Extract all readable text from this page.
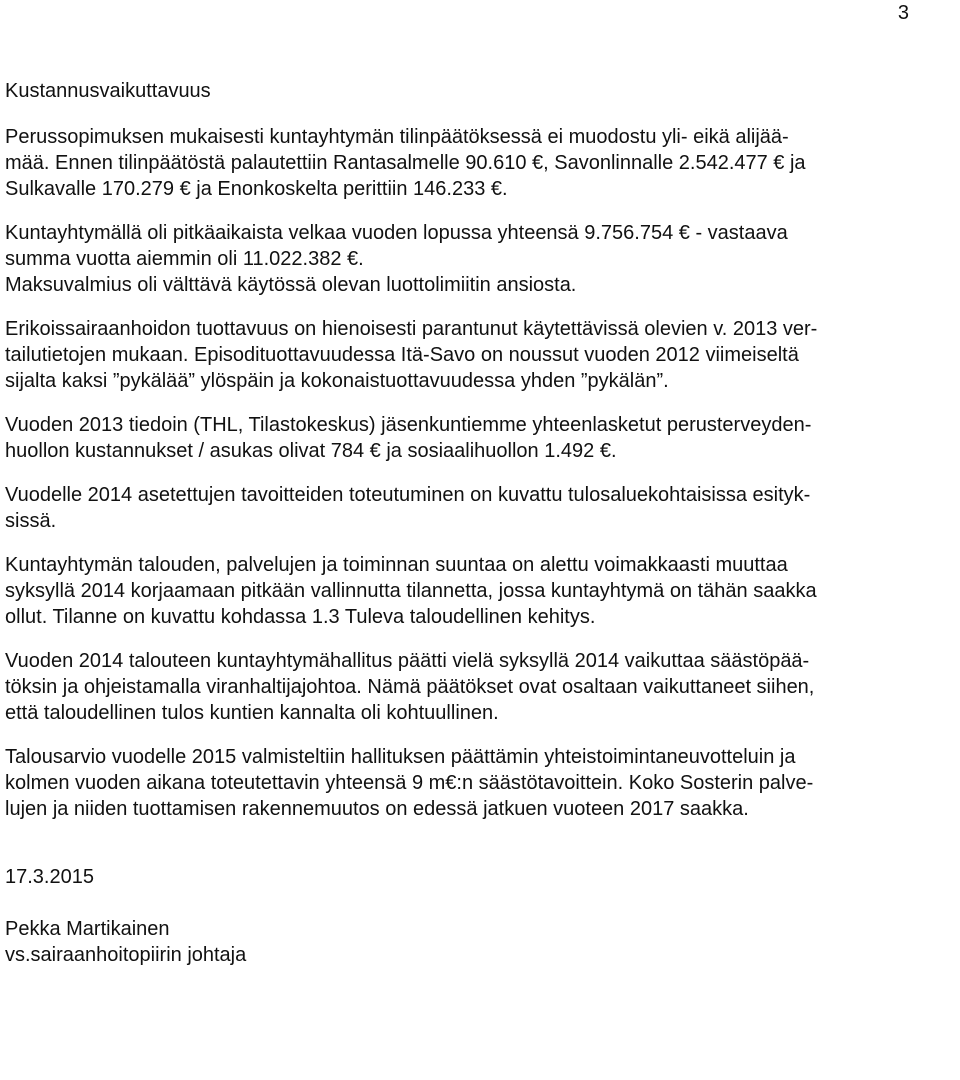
3
Kustannusvaikuttavuus
Perussopimuksen mukaisesti kuntayhtymän tilinpäätöksessä ei muodostu yli- eikä alijää-
mää. Ennen tilinpäätöstä palautettiin Rantasalmelle 90.610 €, Savonlinnalle 2.542.477 € ja
Sulkavalle 170.279 € ja Enonkoskelta perittiin 146.233 €.
Kuntayhtymällä oli pitkäaikaista velkaa vuoden lopussa yhteensä 9.756.754 € - vastaava
summa vuotta aiemmin oli 11.022.382 €.
Maksuvalmius oli välttävä käytössä olevan luottolimiitin ansiosta.
Erikoissairaanhoidon tuottavuus on hienoisesti parantunut käytettävissä olevien v. 2013 ver-
tailutietojen mukaan. Episodituottavuudessa Itä-Savo on noussut vuoden 2012 viimeiseltä
sijalta kaksi ”pykälää” ylöspäin ja kokonaistuottavuudessa yhden ”pykälän”.
Vuoden 2013 tiedoin (THL, Tilastokeskus) jäsenkuntiemme yhteenlasketut perusterveyden-
huollon kustannukset / asukas olivat 784 € ja sosiaalihuollon 1.492 €.
Vuodelle 2014 asetettujen tavoitteiden toteutuminen on kuvattu tulosaluekohtaisissa esityk-
sissä.
Kuntayhtymän talouden, palvelujen ja toiminnan suuntaa on alettu voimakkaasti muuttaa
syksyllä 2014 korjaamaan pitkään vallinnutta tilannetta, jossa kuntayhtymä on tähän saakka
ollut. Tilanne on kuvattu kohdassa 1.3 Tuleva taloudellinen kehitys.
Vuoden 2014 talouteen kuntayhtymähallitus päätti vielä syksyllä 2014 vaikuttaa säästöpää-
töksin ja ohjeistamalla viranhaltijajohtoa. Nämä päätökset ovat osaltaan vaikuttaneet siihen,
että taloudellinen tulos kuntien kannalta oli kohtuullinen.
Talousarvio vuodelle 2015 valmisteltiin hallituksen päättämin yhteistoimintaneuvotteluin ja
kolmen vuoden aikana toteutettavin yhteensä 9 m€:n säästötavoittein. Koko Sosterin palve-
lujen ja niiden tuottamisen rakennemuutos on edessä jatkuen vuoteen 2017 saakka.
17.3.2015
Pekka Martikainen
vs.sairaanhoitopiirin johtaja
